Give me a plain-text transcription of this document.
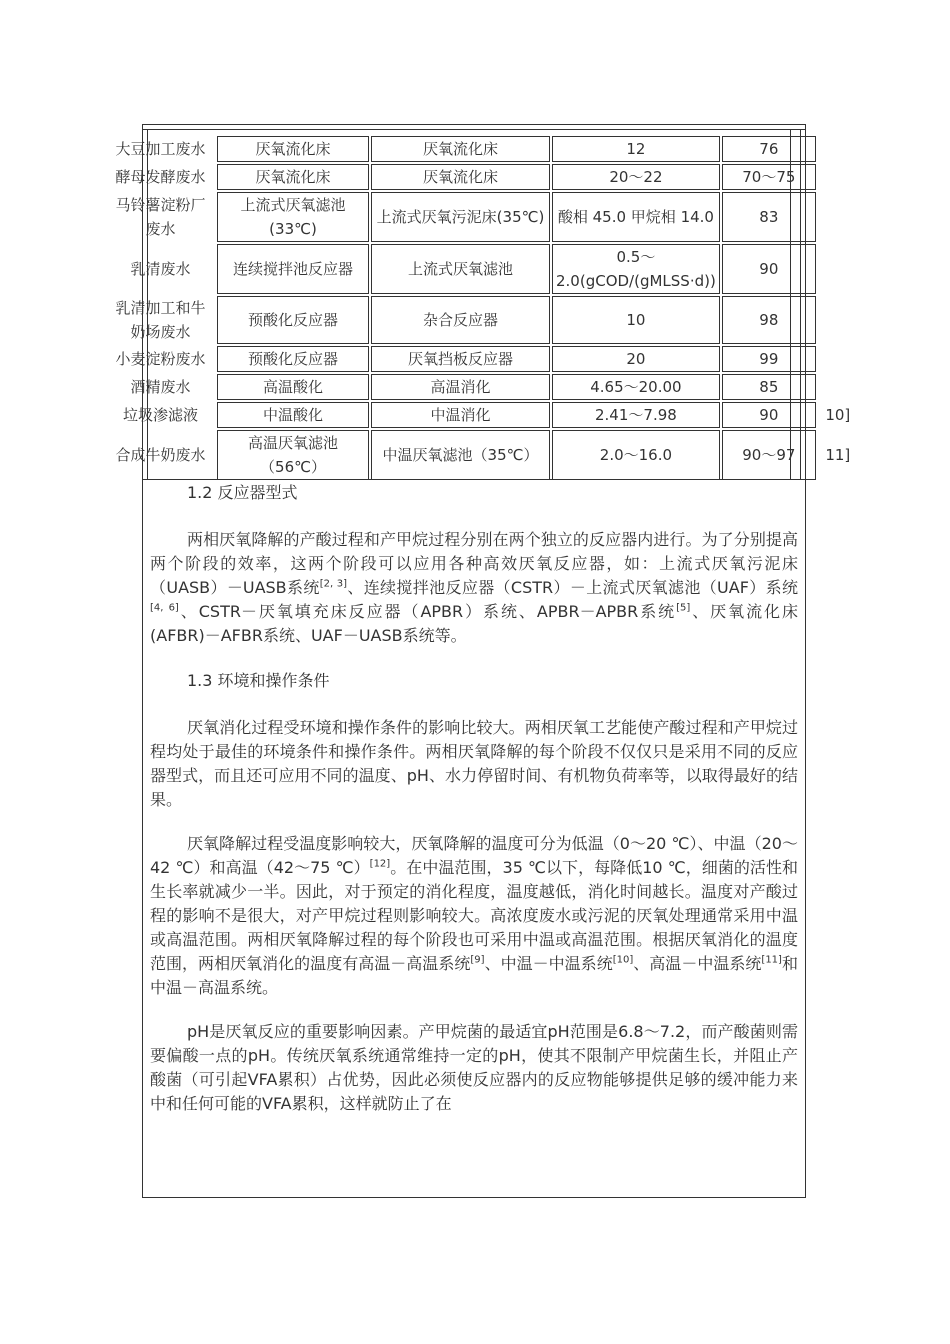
大豆加工废水	厌氧流化床	厌氧流化床	12	76	
酵母发酵废水	厌氧流化床	厌氧流化床	20～22	70～75	
马铃薯淀粉厂废水	上流式厌氧滤池(33℃)	上流式厌氧污泥床(35℃)	酸相 45.0 甲烷相 14.0	83	
乳清废水	连续搅拌池反应器	上流式厌氧滤池	0.5～2.0(gCOD/(gMLSS·d))	90	
乳清加工和牛奶场废水	预酸化反应器	杂合反应器	10	98	
小麦淀粉废水	预酸化反应器	厌氧挡板反应器	20	99	
酒精废水	高温酸化	高温消化	4.65～20.00	85	
垃圾渗滤液	中温酸化	中温消化	2.41～7.98	90	10]
合成牛奶废水	高温厌氧滤池（56℃）	中温厌氧滤池（35℃）	2.0～16.0	90～97	11]
1.2 反应器型式

两相厌氧降解的产酸过程和产甲烷过程分别在两个独立的反应器内进行。为了分别提高两个阶段的效率，这两个阶段可以应用各种高效厌氧反应器，如：上流式厌氧污泥床（UASB）－UASB系统[2, 3]、连续搅拌池反应器（CSTR）－上流式厌氧滤池（UAF）系统[4, 6]、CSTR－厌氧填充床反应器（APBR）系统、APBR－APBR系统[5]、厌氧流化床(AFBR)－AFBR系统、UAF－UASB系统等。

1.3 环境和操作条件

厌氧消化过程受环境和操作条件的影响比较大。两相厌氧工艺能使产酸过程和产甲烷过程均处于最佳的环境条件和操作条件。两相厌氧降解的每个阶段不仅仅只是采用不同的反应器型式，而且还可应用不同的温度、pH、水力停留时间、有机物负荷率等，以取得最好的结果。

厌氧降解过程受温度影响较大，厌氧降解的温度可分为低温（0～20 ℃）、中温（20～42 ℃）和高温（42～75 ℃）[12]。在中温范围，35 ℃以下，每降低10 ℃，细菌的活性和生长率就减少一半。因此，对于预定的消化程度，温度越低，消化时间越长。温度对产酸过程的影响不是很大，对产甲烷过程则影响较大。高浓度废水或污泥的厌氧处理通常采用中温或高温范围。两相厌氧降解过程的每个阶段也可采用中温或高温范围。根据厌氧消化的温度范围，两相厌氧消化的温度有高温－高温系统[9]、中温－中温系统[10]、高温－中温系统[11]和中温－高温系统。

pH是厌氧反应的重要影响因素。产甲烷菌的最适宜pH范围是6.8～7.2，而产酸菌则需要偏酸一点的pH。传统厌氧系统通常维持一定的pH，使其不限制产甲烷菌生长，并阻止产酸菌（可引起VFA累积）占优势，因此必须使反应器内的反应物能够提供足够的缓冲能力来中和任何可能的VFA累积，这样就防止了在
